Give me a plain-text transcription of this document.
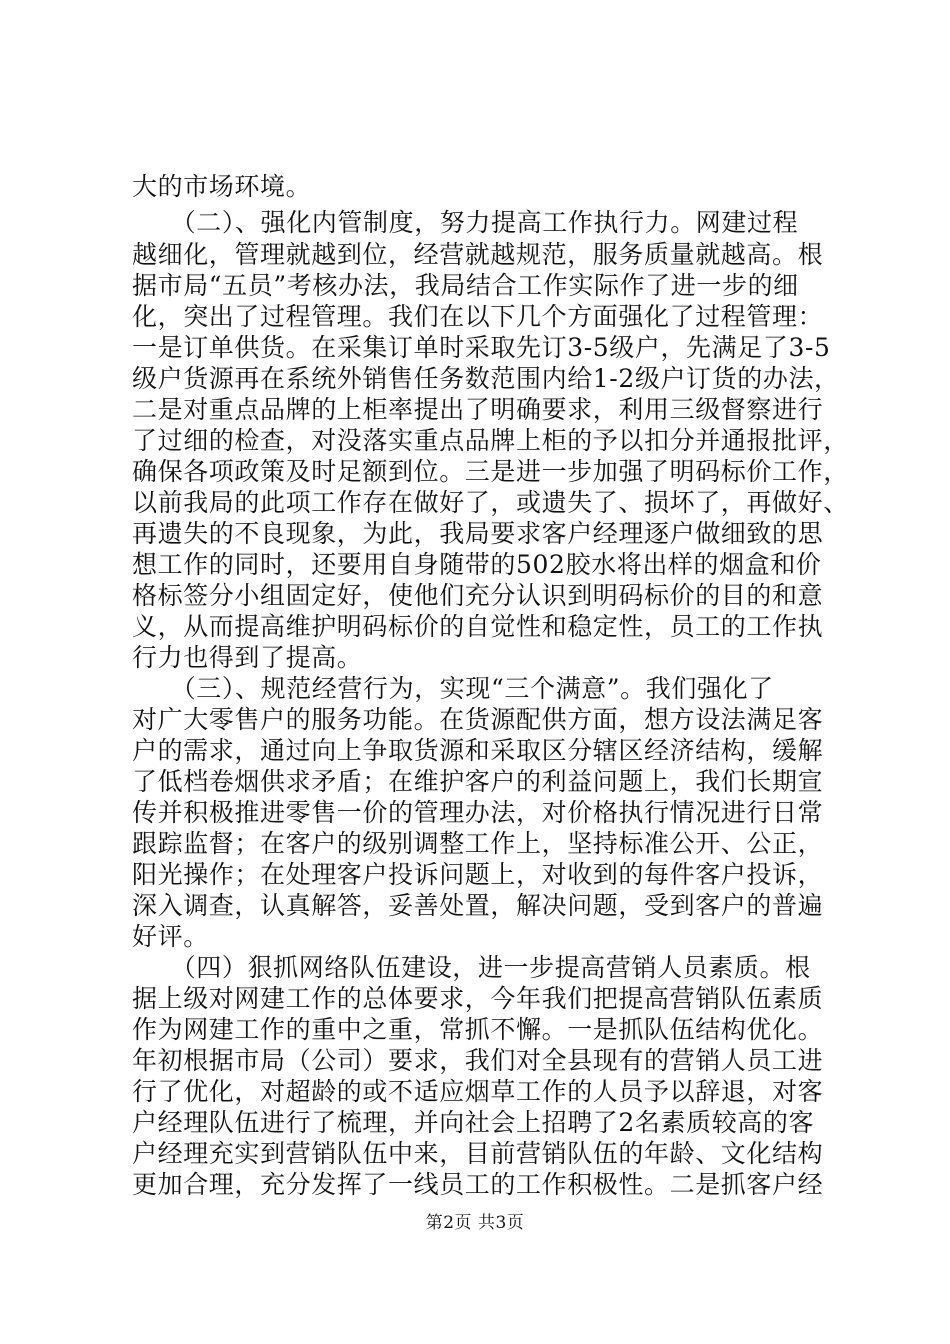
大的市场环境。
　　（二）、强化内管制度，努力提高工作执行力。网建过程
越细化，管理就越到位，经营就越规范，服务质量就越高。根
据市局“五员”考核办法，我局结合工作实际作了进一步的细
化，突出了过程管理。我们在以下几个方面强化了过程管理：
一是订单供货。在采集订单时采取先订3-5级户，先满足了3-5
级户货源再在系统外销售任务数范围内给1-2级户订货的办法，
二是对重点品牌的上柜率提出了明确要求，利用三级督察进行
了过细的检查，对没落实重点品牌上柜的予以扣分并通报批评，
确保各项政策及时足额到位。三是进一步加强了明码标价工作，
以前我局的此项工作存在做好了，或遗失了、损坏了，再做好、
再遗失的不良现象，为此，我局要求客户经理逐户做细致的思
想工作的同时，还要用自身随带的502胶水将出样的烟盒和价
格标签分小组固定好，使他们充分认识到明码标价的目的和意
义，从而提高维护明码标价的自觉性和稳定性，员工的工作执
行力也得到了提高。
　　（三）、规范经营行为，实现“三个满意”。我们强化了
对广大零售户的服务功能。在货源配供方面，想方设法满足客
户的需求，通过向上争取货源和采取区分辖区经济结构，缓解
了低档卷烟供求矛盾；在维护客户的利益问题上，我们长期宣
传并积极推进零售一价的管理办法，对价格执行情况进行日常
跟踪监督；在客户的级别调整工作上，坚持标准公开、公正，
阳光操作；在处理客户投诉问题上，对收到的每件客户投诉，
深入调查，认真解答，妥善处置，解决问题，受到客户的普遍
好评。
　　（四）狠抓网络队伍建设，进一步提高营销人员素质。根
据上级对网建工作的总体要求，今年我们把提高营销队伍素质
作为网建工作的重中之重，常抓不懈。一是抓队伍结构优化。
年初根据市局（公司）要求，我们对全县现有的营销人员工进
行了优化，对超龄的或不适应烟草工作的人员予以辞退，对客
户经理队伍进行了梳理，并向社会上招聘了2名素质较高的客
户经理充实到营销队伍中来，目前营销队伍的年龄、文化结构
更加合理，充分发挥了一线员工的工作积极性。二是抓客户经
第2页 共3页
